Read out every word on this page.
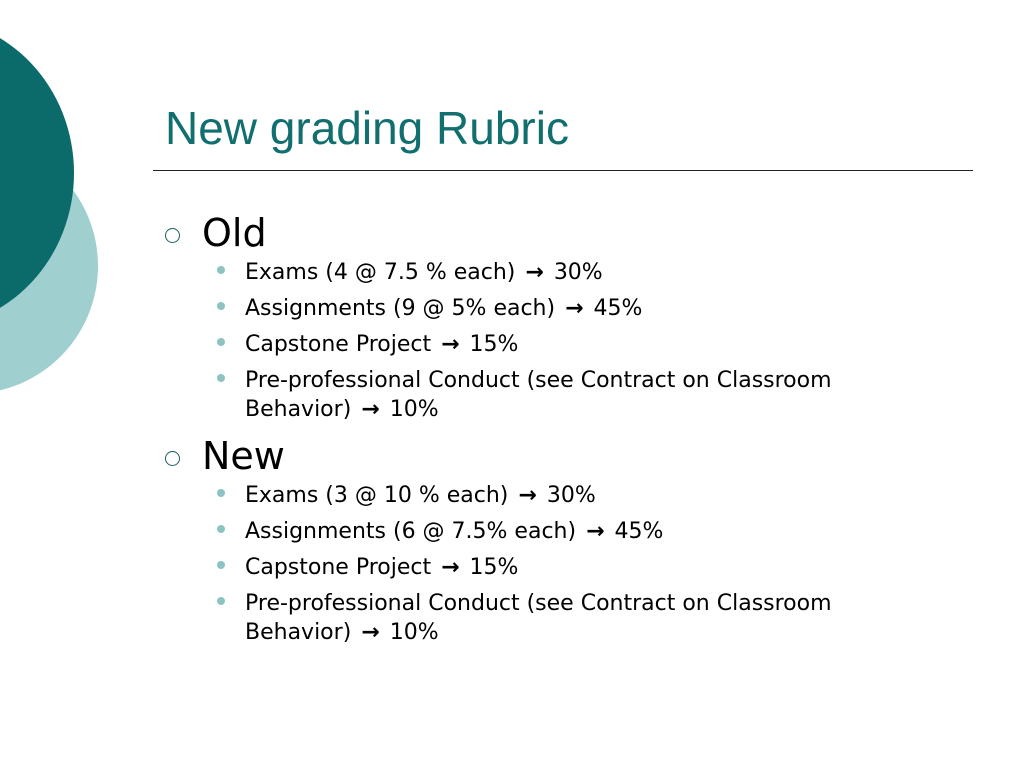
New grading Rubric
Old
Exams (4 @ 7.5 % each) → 30%
Assignments (9 @ 5% each) → 45%
Capstone Project → 15%
Pre-professional Conduct (see Contract on Classroom Behavior) → 10%
New
Exams (3 @ 10 % each) → 30%
Assignments (6 @ 7.5% each) → 45%
Capstone Project → 15%
Pre-professional Conduct (see Contract on Classroom Behavior) → 10%
